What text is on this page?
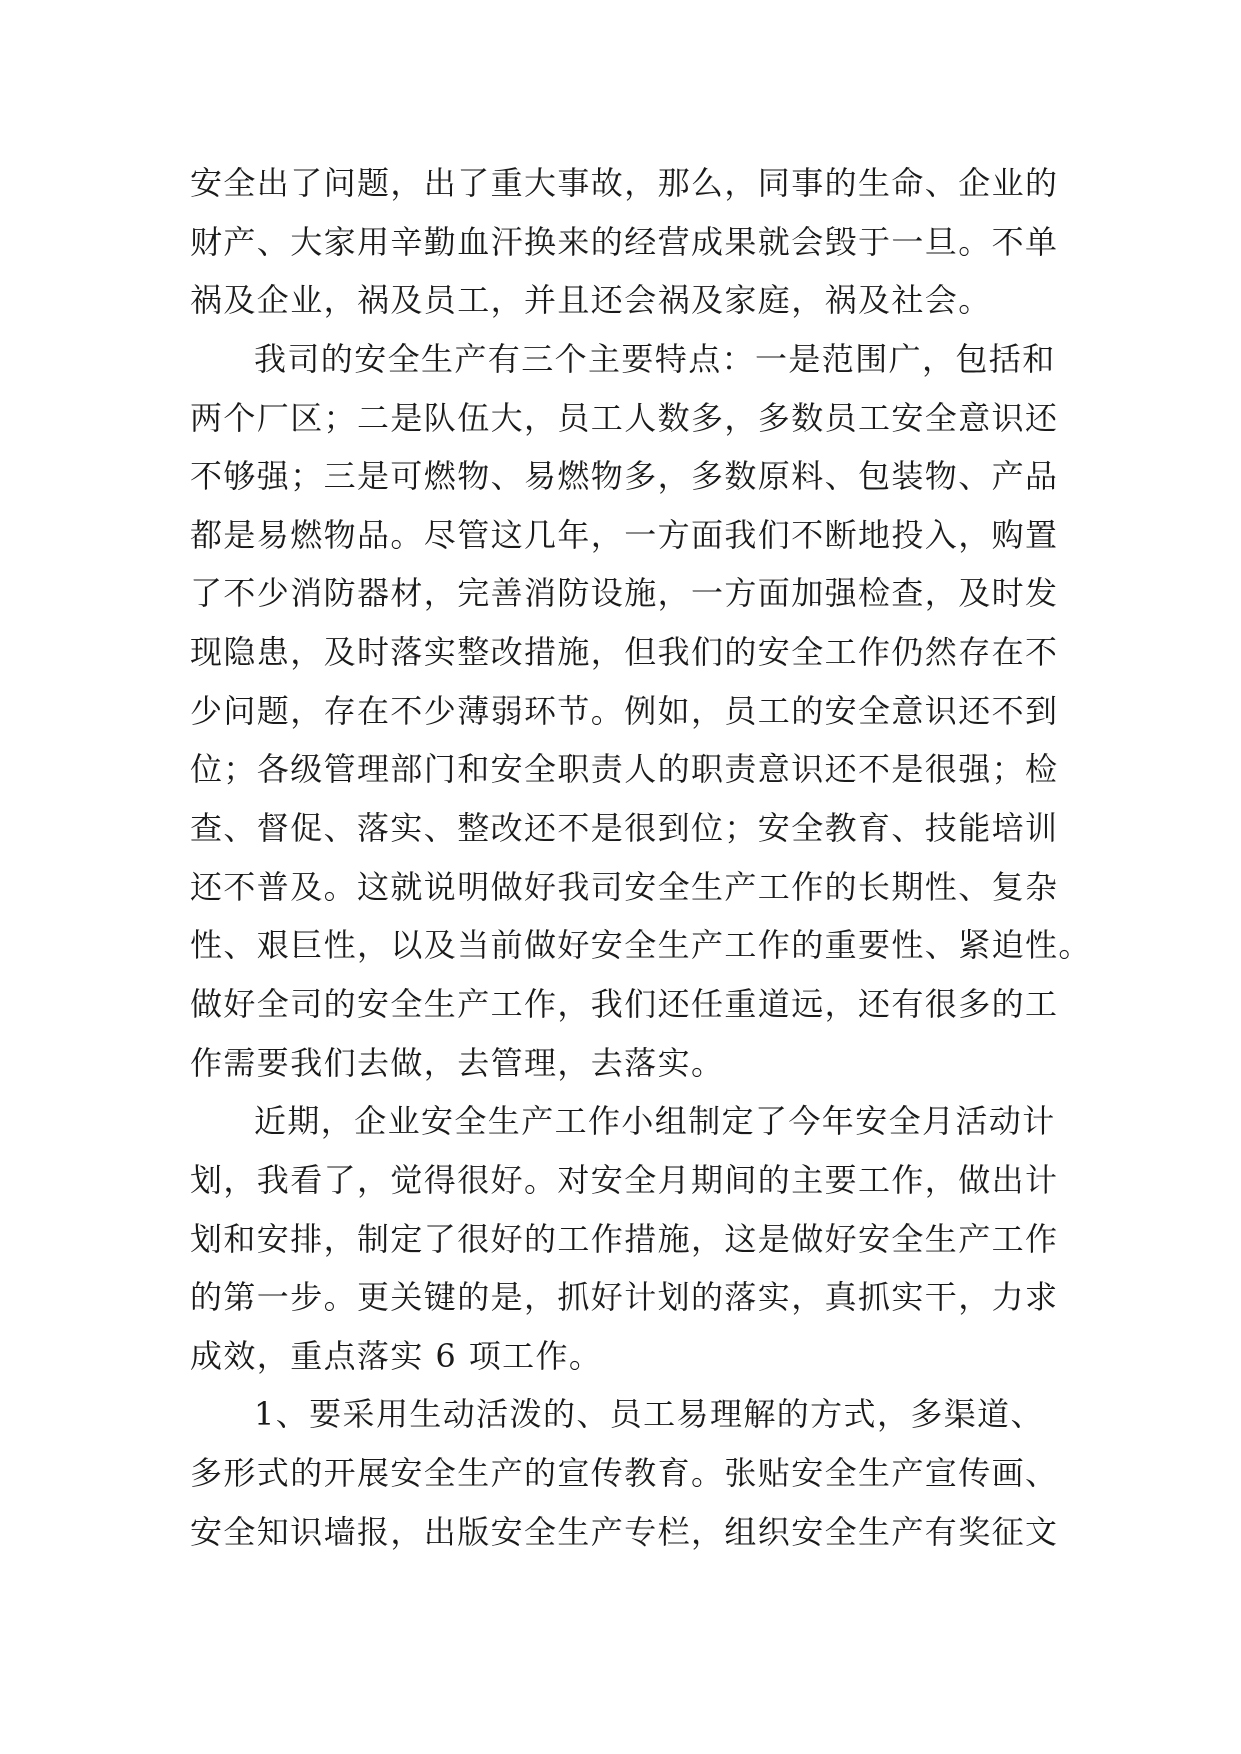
安全出了问题，出了重大事故，那么，同事的生命、企业的
财产、大家用辛勤血汗换来的经营成果就会毁于一旦。不单
祸及企业，祸及员工，并且还会祸及家庭，祸及社会。
我司的安全生产有三个主要特点：一是范围广，包括和
两个厂区；二是队伍大，员工人数多，多数员工安全意识还
不够强；三是可燃物、易燃物多，多数原料、包装物、产品
都是易燃物品。尽管这几年，一方面我们不断地投入，购置
了不少消防器材，完善消防设施，一方面加强检查，及时发
现隐患，及时落实整改措施，但我们的安全工作仍然存在不
少问题，存在不少薄弱环节。例如，员工的安全意识还不到
位；各级管理部门和安全职责人的职责意识还不是很强；检
查、督促、落实、整改还不是很到位；安全教育、技能培训
还不普及。这就说明做好我司安全生产工作的长期性、复杂
性、艰巨性，以及当前做好安全生产工作的重要性、紧迫性。
做好全司的安全生产工作，我们还任重道远，还有很多的工
作需要我们去做，去管理，去落实。
近期，企业安全生产工作小组制定了今年安全月活动计
划，我看了，觉得很好。对安全月期间的主要工作，做出计
划和安排，制定了很好的工作措施，这是做好安全生产工作
的第一步。更关键的是，抓好计划的落实，真抓实干，力求
成效，重点落实 6 项工作。
1、要采用生动活泼的、员工易理解的方式，多渠道、
多形式的开展安全生产的宣传教育。张贴安全生产宣传画、
安全知识墙报，出版安全生产专栏，组织安全生产有奖征文
